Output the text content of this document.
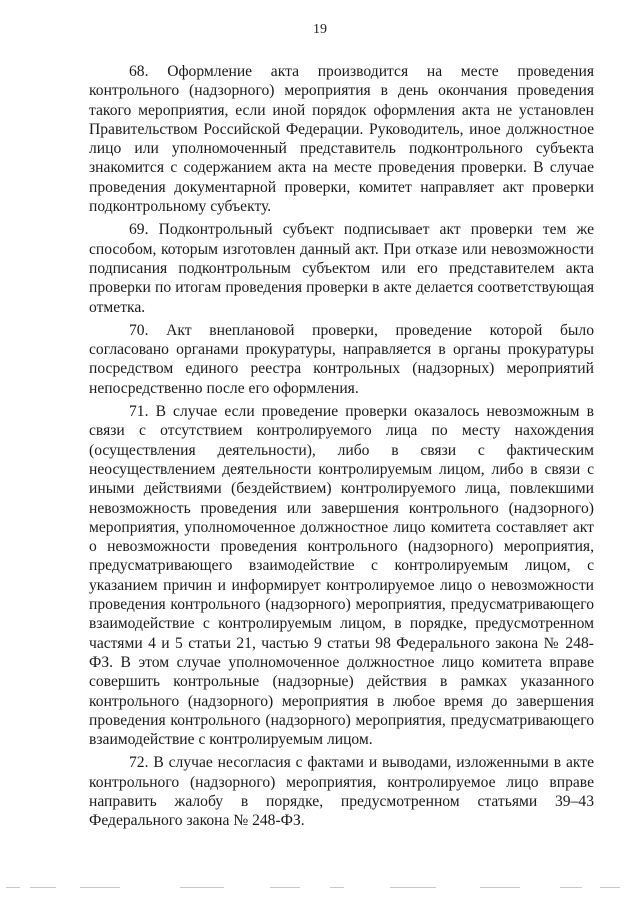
19

68. Оформление акта производится на месте проведения контрольного (надзорного) мероприятия в день окончания проведения такого мероприятия, если иной порядок оформления акта не установлен Правительством Российской Федерации. Руководитель, иное должностное лицо или уполномоченный представитель подконтрольного субъекта знакомится с содержанием акта на месте проведения проверки. В случае проведения документарной проверки, комитет направляет акт проверки подконтрольному субъекту.

69. Подконтрольный субъект подписывает акт проверки тем же способом, которым изготовлен данный акт. При отказе или невозможности подписания подконтрольным субъектом или его представителем акта проверки по итогам проведения проверки в акте делается соответствующая отметка.

70. Акт внеплановой проверки, проведение которой было согласовано органами прокуратуры, направляется в органы прокуратуры посредством единого реестра контрольных (надзорных) мероприятий непосредственно после его оформления.

71. В случае если проведение проверки оказалось невозможным в связи с отсутствием контролируемого лица по месту нахождения (осуществления деятельности), либо в связи с фактическим неосуществлением деятельности контролируемым лицом, либо в связи с иными действиями (бездействием) контролируемого лица, повлекшими невозможность проведения или завершения контрольного (надзорного) мероприятия, уполномоченное должностное лицо комитета составляет акт о невозможности проведения контрольного (надзорного) мероприятия, предусматривающего взаимодействие с контролируемым лицом, с указанием причин и информирует контролируемое лицо о невозможности проведения контрольного (надзорного) мероприятия, предусматривающего взаимодействие с контролируемым лицом, в порядке, предусмотренном частями 4 и 5 статьи 21, частью 9 статьи 98 Федерального закона № 248-ФЗ. В этом случае уполномоченное должностное лицо комитета вправе совершить контрольные (надзорные) действия в рамках указанного контрольного (надзорного) мероприятия в любое время до завершения проведения контрольного (надзорного) мероприятия, предусматривающего взаимодействие с контролируемым лицом.

72. В случае несогласия с фактами и выводами, изложенными в акте контрольного (надзорного) мероприятия, контролируемое лицо вправе направить жалобу в порядке, предусмотренном статьями 39–43 Федерального закона № 248-ФЗ.
